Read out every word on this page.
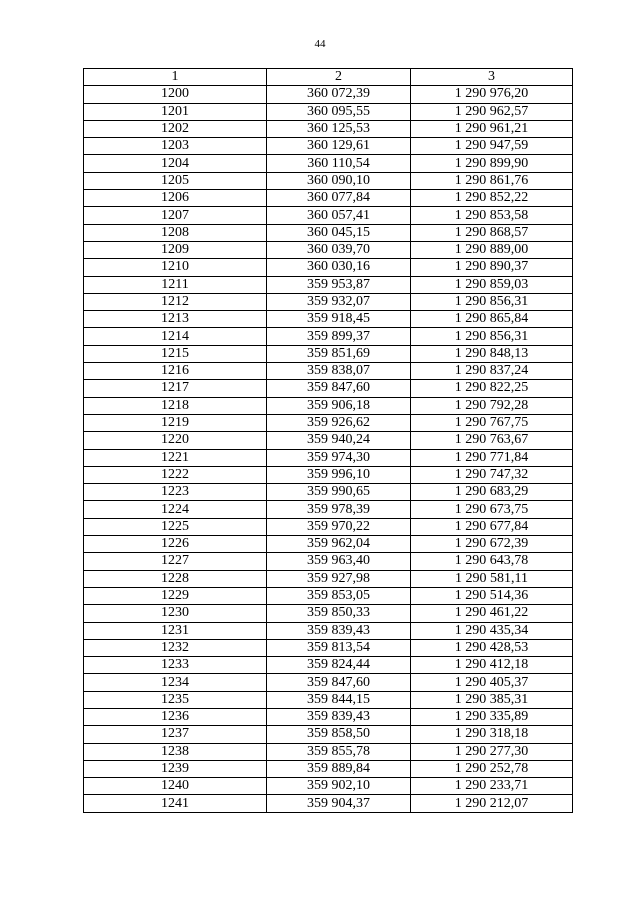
44
1	2	3
1200	360 072,39	1 290 976,20
1201	360 095,55	1 290 962,57
1202	360 125,53	1 290 961,21
1203	360 129,61	1 290 947,59
1204	360 110,54	1 290 899,90
1205	360 090,10	1 290 861,76
1206	360 077,84	1 290 852,22
1207	360 057,41	1 290 853,58
1208	360 045,15	1 290 868,57
1209	360 039,70	1 290 889,00
1210	360 030,16	1 290 890,37
1211	359 953,87	1 290 859,03
1212	359 932,07	1 290 856,31
1213	359 918,45	1 290 865,84
1214	359 899,37	1 290 856,31
1215	359 851,69	1 290 848,13
1216	359 838,07	1 290 837,24
1217	359 847,60	1 290 822,25
1218	359 906,18	1 290 792,28
1219	359 926,62	1 290 767,75
1220	359 940,24	1 290 763,67
1221	359 974,30	1 290 771,84
1222	359 996,10	1 290 747,32
1223	359 990,65	1 290 683,29
1224	359 978,39	1 290 673,75
1225	359 970,22	1 290 677,84
1226	359 962,04	1 290 672,39
1227	359 963,40	1 290 643,78
1228	359 927,98	1 290 581,11
1229	359 853,05	1 290 514,36
1230	359 850,33	1 290 461,22
1231	359 839,43	1 290 435,34
1232	359 813,54	1 290 428,53
1233	359 824,44	1 290 412,18
1234	359 847,60	1 290 405,37
1235	359 844,15	1 290 385,31
1236	359 839,43	1 290 335,89
1237	359 858,50	1 290 318,18
1238	359 855,78	1 290 277,30
1239	359 889,84	1 290 252,78
1240	359 902,10	1 290 233,71
1241	359 904,37	1 290 212,07
